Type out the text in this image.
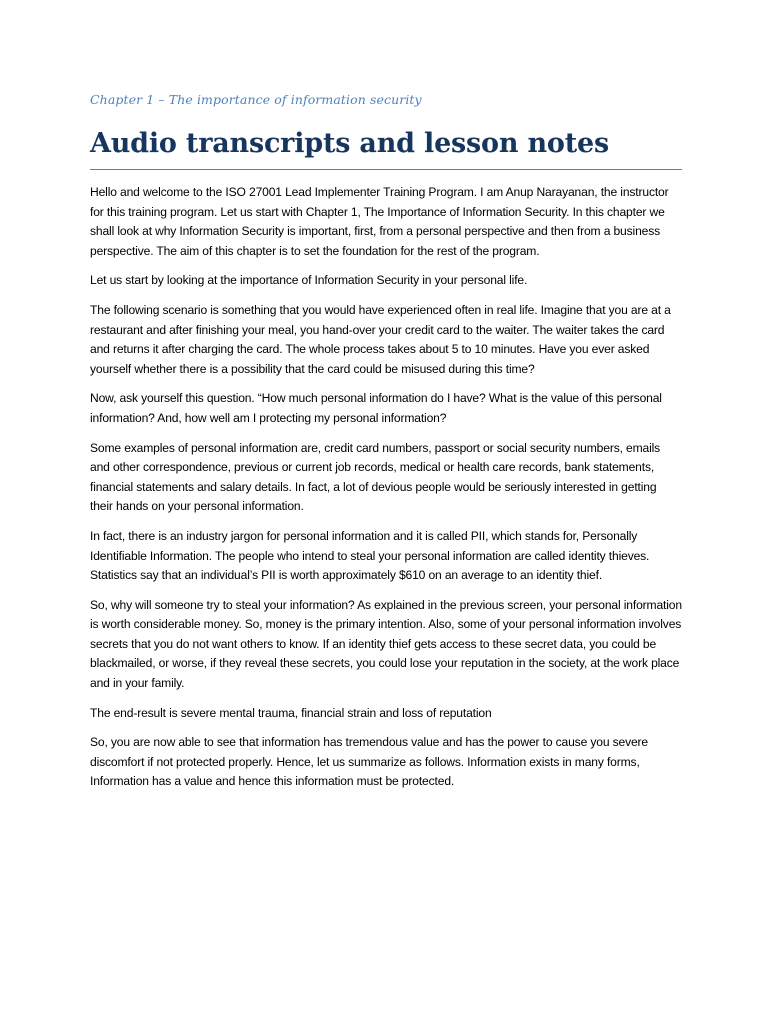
Chapter 1 – The importance of information security

Audio transcripts and lesson notes

Hello and welcome to the ISO 27001 Lead Implementer Training Program. I am Anup Narayanan, the instructor for this training program. Let us start with Chapter 1, The Importance of Information Security. In this chapter we shall look at why Information Security is important, first, from a personal perspective and then from a business perspective. The aim of this chapter is to set the foundation for the rest of the program.

Let us start by looking at the importance of Information Security in your personal life.

The following scenario is something that you would have experienced often in real life. Imagine that you are at a restaurant and after finishing your meal, you hand-over your credit card to the waiter. The waiter takes the card and returns it after charging the card. The whole process takes about 5 to 10 minutes. Have you ever asked yourself whether there is a possibility that the card could be misused during this time?

Now, ask yourself this question. “How much personal information do I have? What is the value of this personal information? And, how well am I protecting my personal information?

Some examples of personal information are, credit card numbers, passport or social security numbers, emails and other correspondence, previous or current job records, medical or health care records, bank statements, financial statements and salary details. In fact, a lot of devious people would be seriously interested in getting their hands on your personal information.

In fact, there is an industry jargon for personal information and it is called PII, which stands for, Personally Identifiable Information. The people who intend to steal your personal information are called identity thieves. Statistics say that an individual’s PII is worth approximately $610 on an average to an identity thief.

So, why will someone try to steal your information? As explained in the previous screen, your personal information is worth considerable money. So, money is the primary intention. Also, some of your personal information involves secrets that you do not want others to know. If an identity thief gets access to these secret data, you could be blackmailed, or worse, if they reveal these secrets, you could lose your reputation in the society, at the work place and in your family.

The end-result is severe mental trauma, financial strain and loss of reputation

So, you are now able to see that information has tremendous value and has the power to cause you severe discomfort if not protected properly. Hence, let us summarize as follows. Information exists in many forms, Information has a value and hence this information must be protected.
